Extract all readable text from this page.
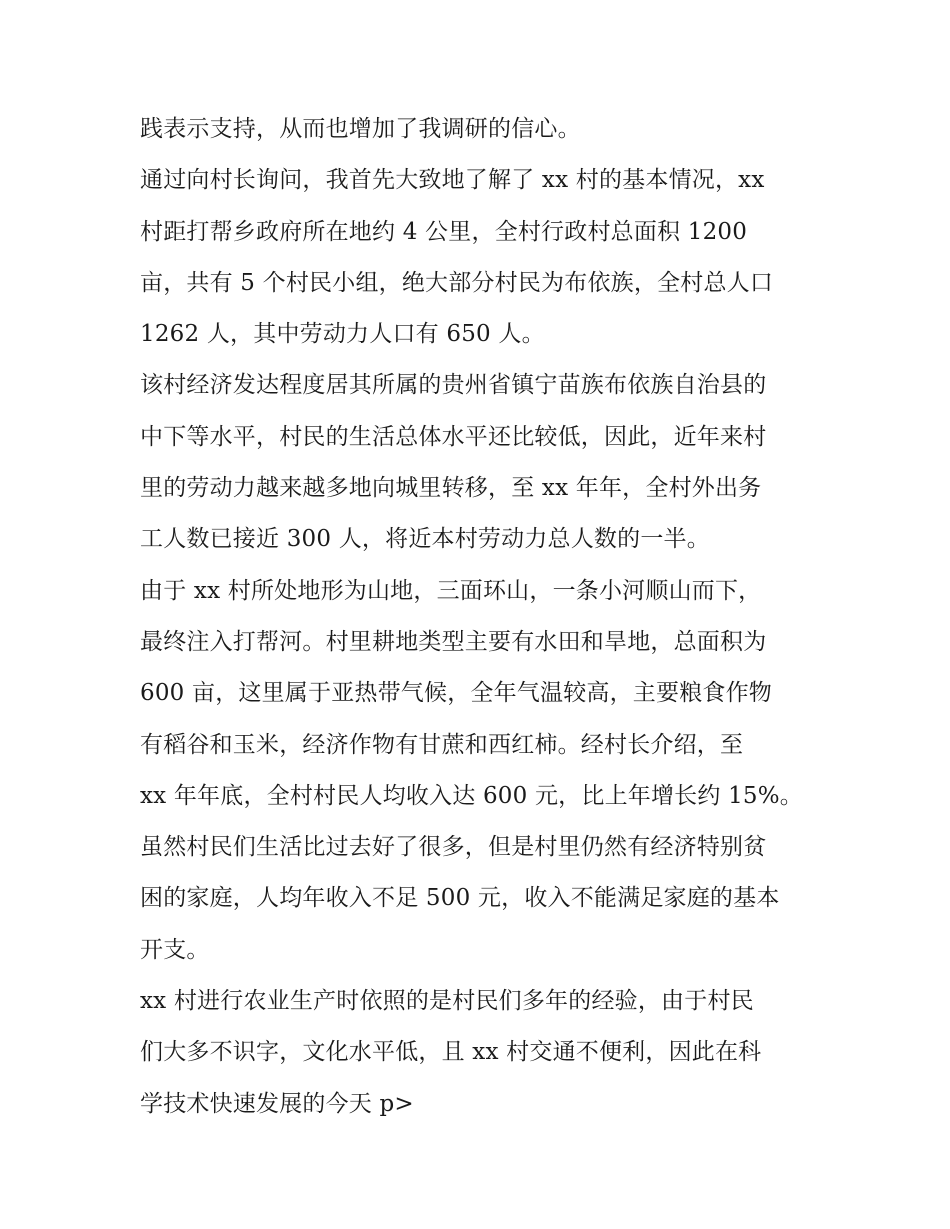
践表示支持，从而也增加了我调研的信心。
通过向村长询问，我首先大致地了解了 xx 村的基本情况，xx
村距打帮乡政府所在地约 4 公里，全村行政村总面积 1200
亩，共有 5 个村民小组，绝大部分村民为布依族，全村总人口
1262 人，其中劳动力人口有 650 人。
该村经济发达程度居其所属的贵州省镇宁苗族布依族自治县的
中下等水平，村民的生活总体水平还比较低，因此，近年来村
里的劳动力越来越多地向城里转移，至 xx 年年，全村外出务
工人数已接近 300 人，将近本村劳动力总人数的一半。
由于 xx 村所处地形为山地，三面环山，一条小河顺山而下，
最终注入打帮河。村里耕地类型主要有水田和旱地，总面积为
600 亩，这里属于亚热带气候，全年气温较高，主要粮食作物
有稻谷和玉米，经济作物有甘蔗和西红柿。经村长介绍，至
xx 年年底，全村村民人均收入达 600 元，比上年增长约 15%。
虽然村民们生活比过去好了很多，但是村里仍然有经济特别贫
困的家庭，人均年收入不足 500 元，收入不能满足家庭的基本
开支。
xx 村进行农业生产时依照的是村民们多年的经验，由于村民
们大多不识字，文化水平低，且 xx 村交通不便利，因此在科
学技术快速发展的今天 p>
